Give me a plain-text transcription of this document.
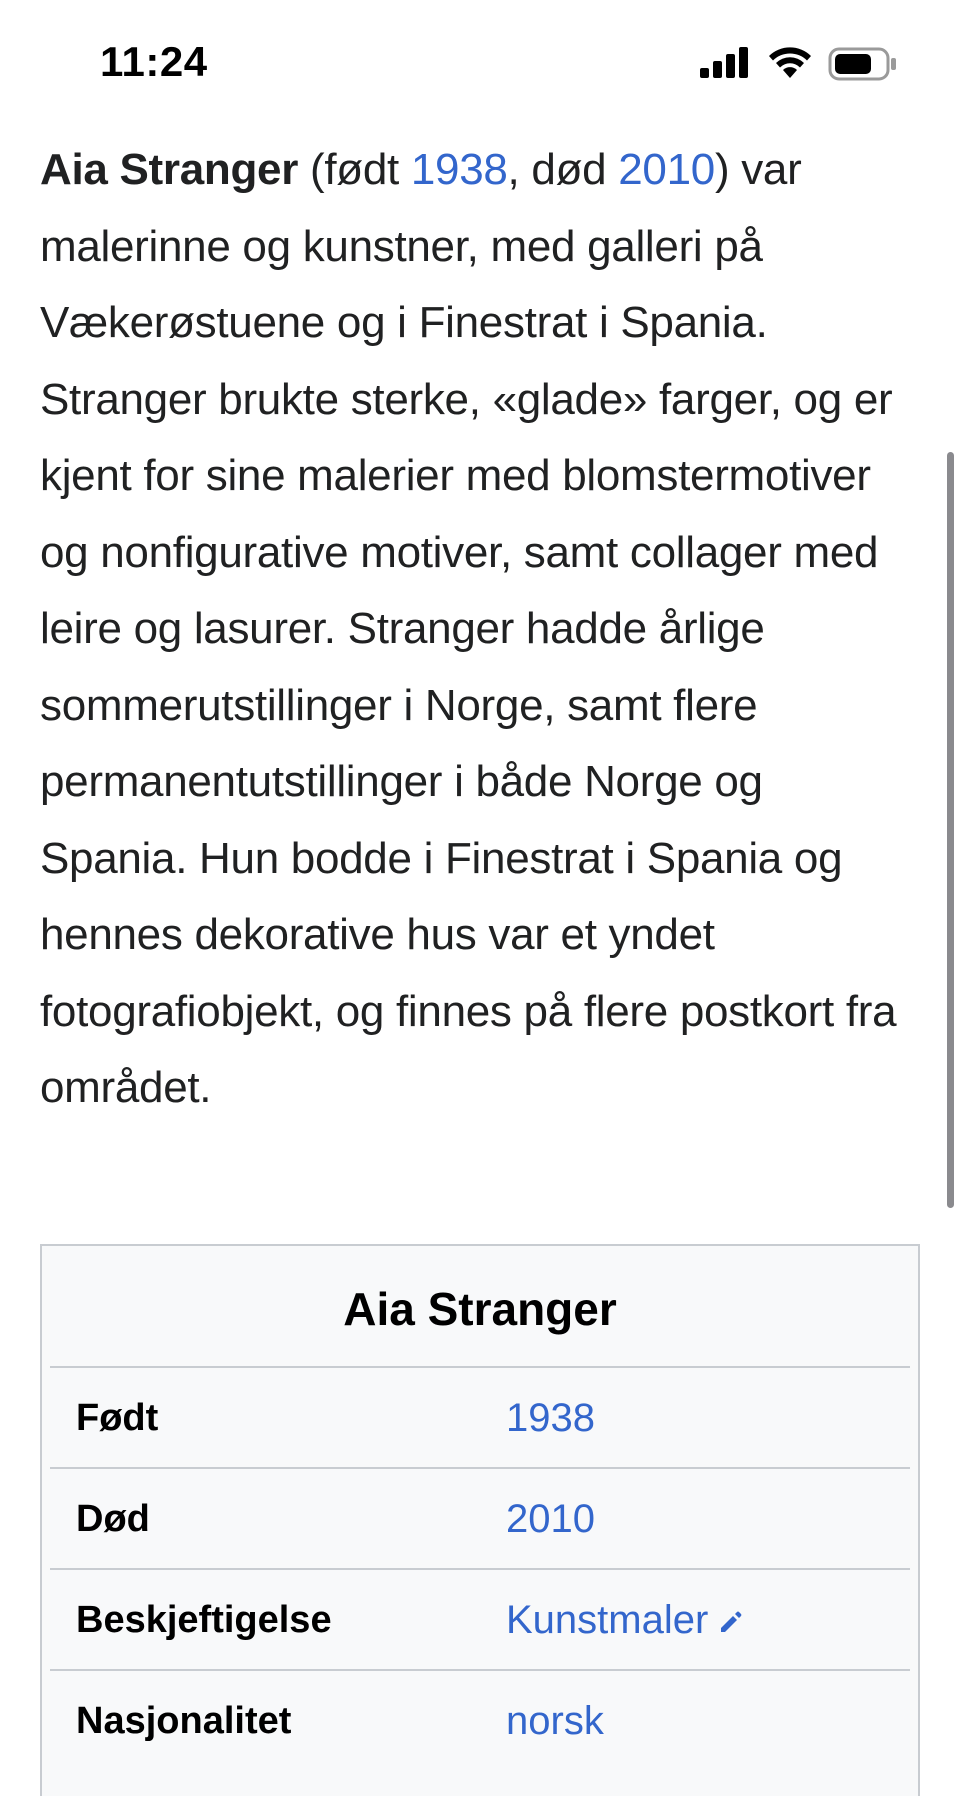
11:24

Aia Stranger (født 1938, død 2010) var malerinne og kunstner, med galleri på Vækerøstuene og i Finestrat i Spania. Stranger brukte sterke, «glade» farger, og er kjent for sine malerier med blomstermotiver og nonfigurative motiver, samt collager med leire og lasurer. Stranger hadde årlige sommerutstillinger i Norge, samt flere permanentutstillinger i både Norge og Spania. Hun bodde i Finestrat i Spania og hennes dekorative hus var et yndet fotografiobjekt, og finnes på flere postkort fra området.

Aia Stranger
Født	1938
Død	2010
Beskjeftigelse	Kunstmaler
Nasjonalitet	norsk
